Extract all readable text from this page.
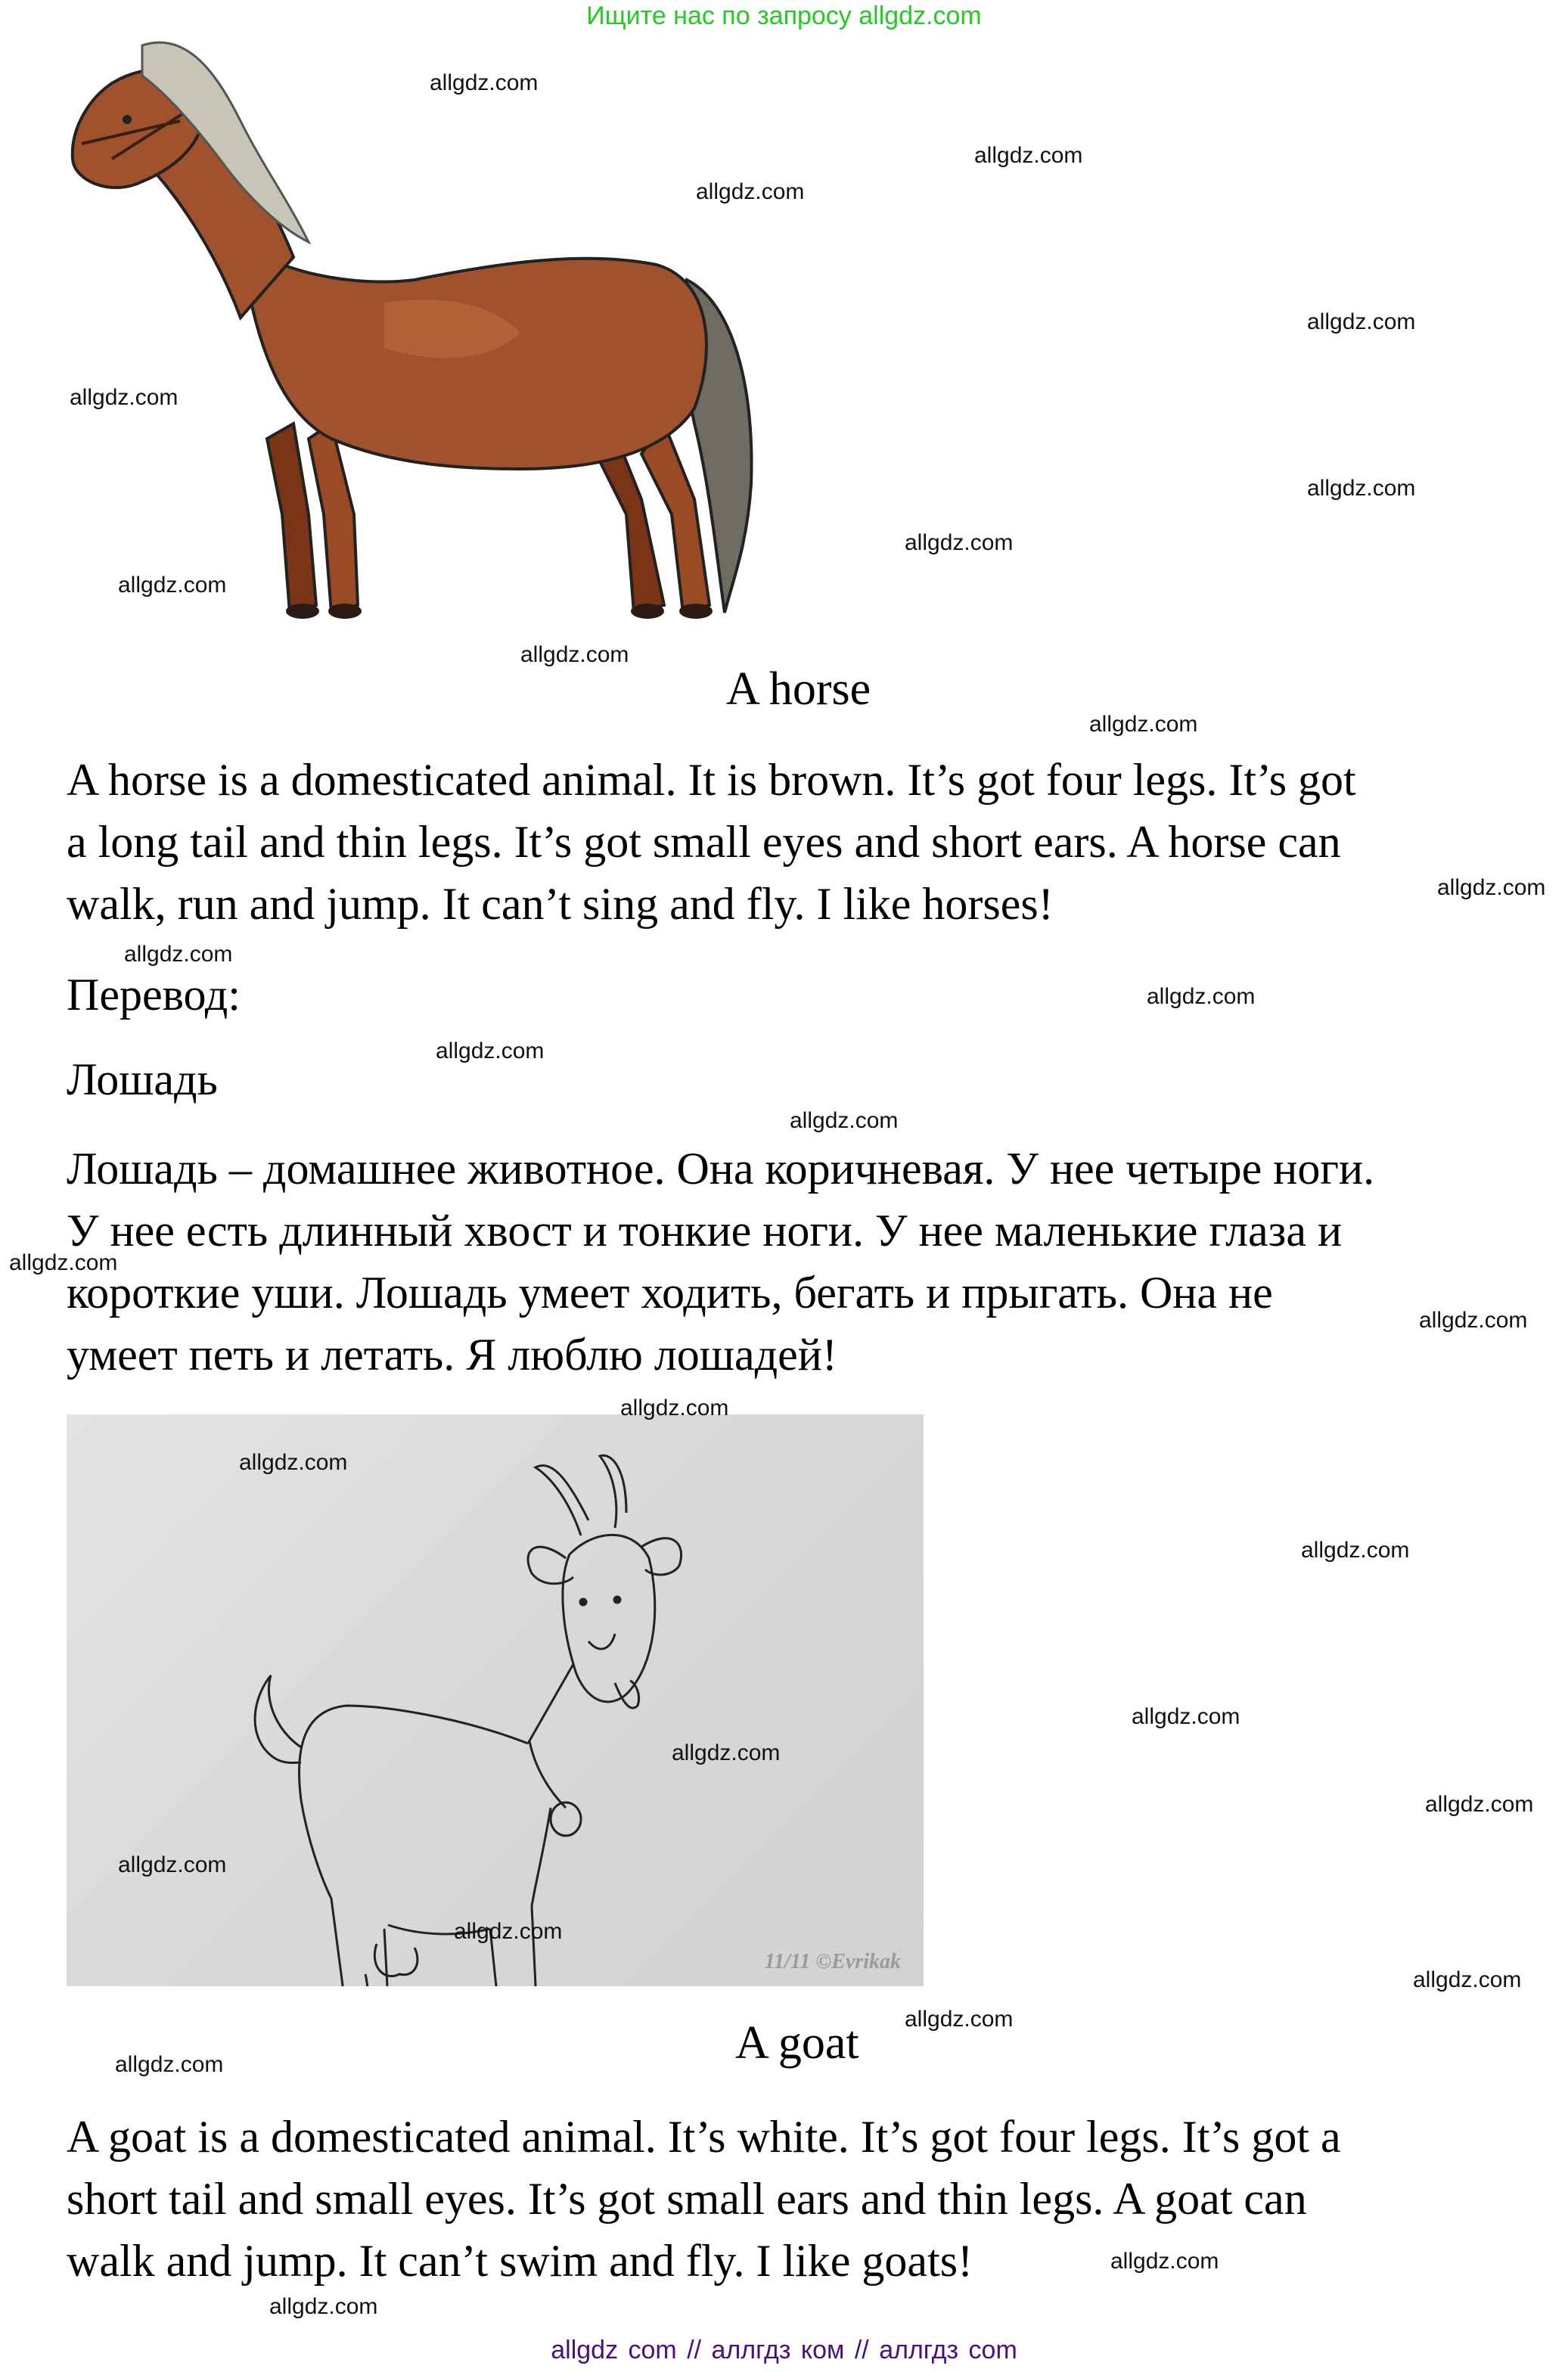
Ищите нас по запросу allgdz.com
A horse

A horse is a domesticated animal. It is brown. It’s got four legs. It’s got
a long tail and thin legs. It’s got small eyes and short ears. A horse can
walk, run and jump. It can’t sing and fly. I like horses!

Перевод:
Лошадь

Лошадь – домашнее животное. Она коричневая. У нее четыре ноги.
У нее есть длинный хвост и тонкие ноги. У нее маленькие глаза и
короткие уши. Лошадь умеет ходить, бегать и прыгать. Она не
умеет петь и летать. Я люблю лошадей!

11/11 ©Evrikak
A goat

A goat is a domesticated animal. It’s white. It’s got four legs. It’s got a
short tail and small eyes. It’s got small ears and thin legs. A goat can
walk and jump. It can’t swim and fly. I like goats!

allgdz.com
allgdz.com
allgdz.com
allgdz.com
allgdz.com
allgdz.com
allgdz.com
allgdz.com
allgdz.com
allgdz.com
allgdz.com
allgdz.com
allgdz.com
allgdz.com
allgdz.com
allgdz.com
allgdz.com
allgdz.com
allgdz.com
allgdz.com
allgdz.com
allgdz.com
allgdz.com
allgdz.com
allgdz.com
allgdz.com
allgdz.com
allgdz.com
allgdz.com
allgdz.com
allgdz com // аллгдз ком // аллгдз com
